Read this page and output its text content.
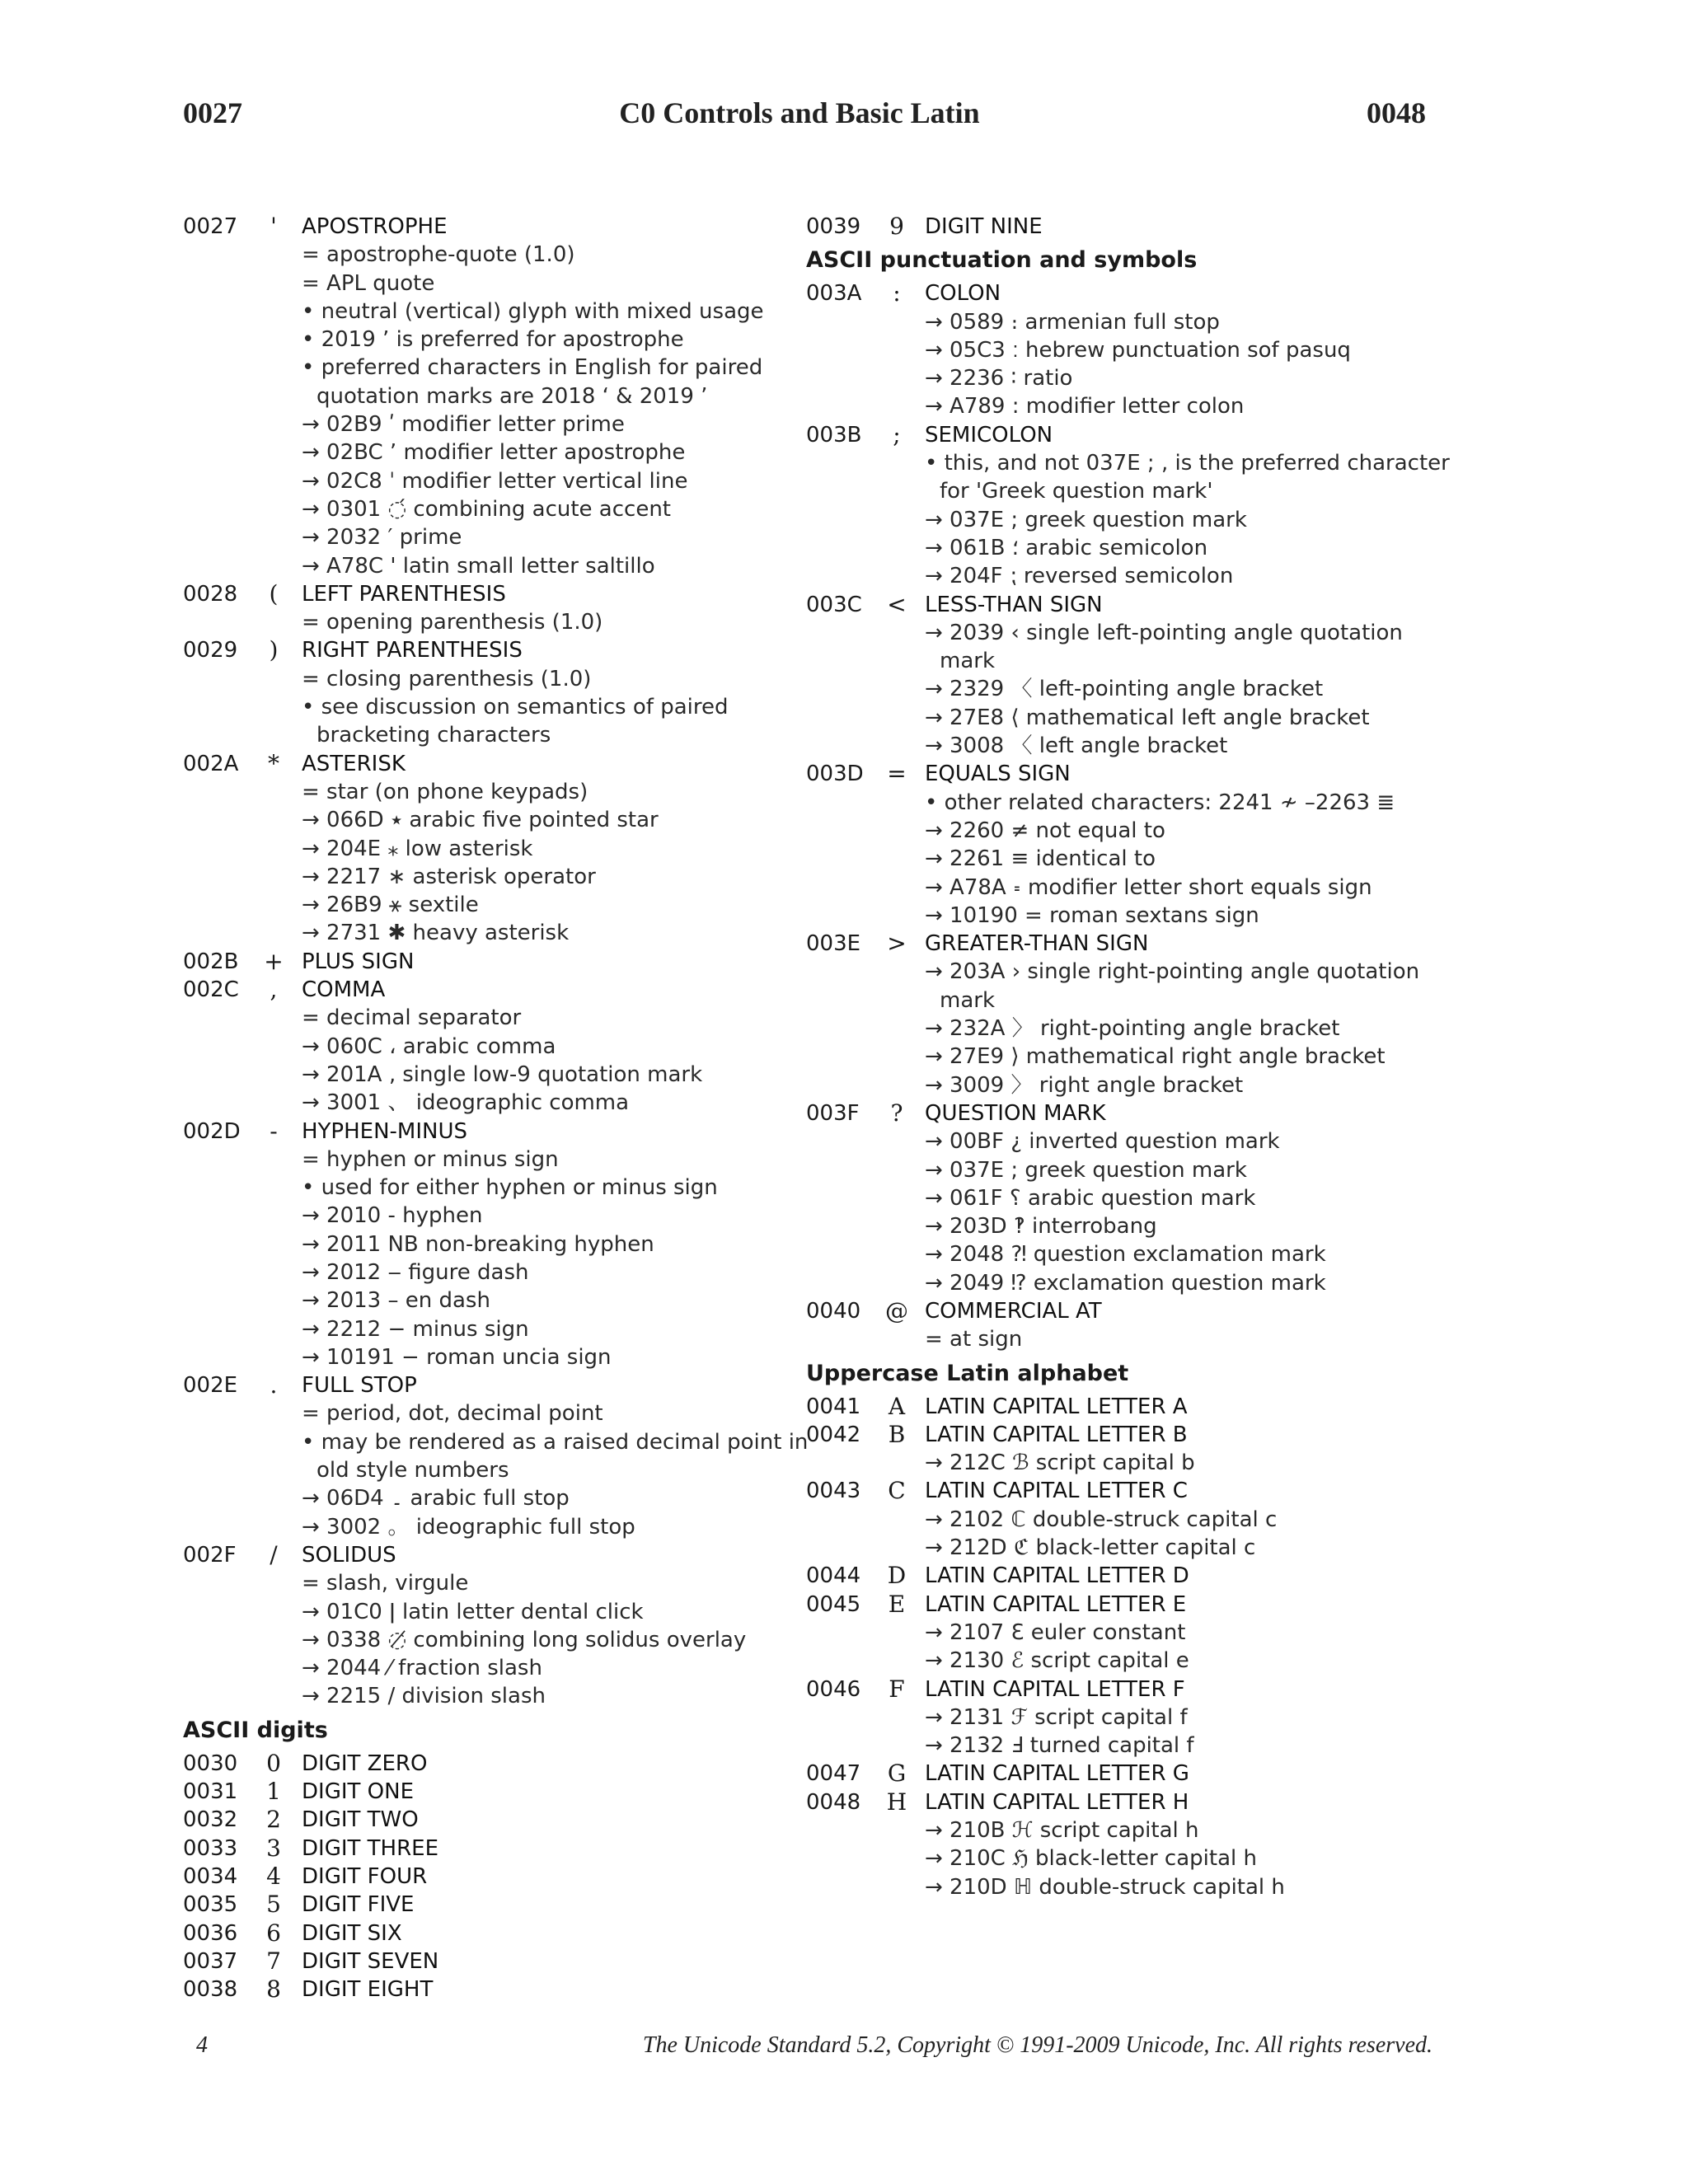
0027	C0 Controls and Basic Latin	0048
0027	'	APOSTROPHE
= apostrophe-quote (1.0)
= APL quote
• neutral (vertical) glyph with mixed usage
• 2019 ’ is preferred for apostrophe
• preferred characters in English for paired
quotation marks are 2018 ‘ & 2019 ’
→ 02B9 ʹ modifier letter prime
→ 02BC ʼ modifier letter apostrophe
→ 02C8 ˈ modifier letter vertical line
→ 0301 ◌́ combining acute accent
→ 2032 ′ prime
→ A78C ꞌ latin small letter saltillo
0028	(	LEFT PARENTHESIS
= opening parenthesis (1.0)
0029	)	RIGHT PARENTHESIS
= closing parenthesis (1.0)
• see discussion on semantics of paired
bracketing characters
002A * ASTERISK
= star (on phone keypads)
→ 066D ٭ arabic five pointed star
→ 204E ⁎ low asterisk
→ 2217 ∗ asterisk operator
→ 26B9 ⚹ sextile
→ 2731 ✱ heavy asterisk
002B + PLUS SIGN
002C	,	COMMA
= decimal separator
→ 060C ، arabic comma
→ 201A ‚ single low-9 quotation mark
→ 3001 、 ideographic comma
002D	-	HYPHEN-MINUS
= hyphen or minus sign
• used for either hyphen or minus sign
→ 2010 ‐ hyphen
→ 2011 NB non-breaking hyphen
→ 2012 ‒ figure dash
→ 2013 – en dash
→ 2212 − minus sign
→ 10191 − roman uncia sign
002E	.	FULL STOP
= period, dot, decimal point
• may be rendered as a raised decimal point in
old style numbers
→ 06D4 ۔ arabic full stop
→ 3002 。 ideographic full stop
002F	/	SOLIDUS
= slash, virgule
→ 01C0 ǀ latin letter dental click
→ 0338 ◌̸ combining long solidus overlay
→ 2044 ⁄ fraction slash
→ 2215 ∕ division slash
ASCII digits
0030 0 DIGIT ZERO
0031 1 DIGIT ONE
0032 2 DIGIT TWO
0033 3 DIGIT THREE
0034 4 DIGIT FOUR
0035 5 DIGIT FIVE
0036 6 DIGIT SIX
0037 7 DIGIT SEVEN
0038 8 DIGIT EIGHT
0039 9 DIGIT NINE
ASCII punctuation and symbols
003A	:	COLON
→ 0589 ։ armenian full stop
→ 05C3 ׃ hebrew punctuation sof pasuq
→ 2236 ∶ ratio
→ A789 ꞉ modifier letter colon
003B	;	SEMICOLON
• this, and not 037E ; , is the preferred character
for 'Greek question mark'
→ 037E ; greek question mark
→ 061B ؛ arabic semicolon
→ 204F ⁏ reversed semicolon
003C < LESS-THAN SIGN
→ 2039 ‹ single left-pointing angle quotation
mark
→ 2329 〈 left-pointing angle bracket
→ 27E8 ⟨ mathematical left angle bracket
→ 3008 〈 left angle bracket
003D = EQUALS SIGN
• other related characters: 2241 ≁ –2263 ≣
→ 2260 ≠ not equal to
→ 2261 ≡ identical to
→ A78A ꞊ modifier letter short equals sign
→ 10190 = roman sextans sign
003E > GREATER-THAN SIGN
→ 203A › single right-pointing angle quotation
mark
→ 232A 〉 right-pointing angle bracket
→ 27E9 ⟩ mathematical right angle bracket
→ 3009 〉 right angle bracket
003F ? QUESTION MARK
→ 00BF ¿ inverted question mark
→ 037E ; greek question mark
→ 061F ؟ arabic question mark
→ 203D ‽ interrobang
→ 2048 ⁈ question exclamation mark
→ 2049 ⁉ exclamation question mark
0040 @ COMMERCIAL AT
= at sign
Uppercase Latin alphabet
0041 A LATIN CAPITAL LETTER A
0042 B LATIN CAPITAL LETTER B
→ 212C ℬ script capital b
0043 C LATIN CAPITAL LETTER C
→ 2102 ℂ double-struck capital c
→ 212D ℭ black-letter capital c
0044 D LATIN CAPITAL LETTER D
0045 E LATIN CAPITAL LETTER E
→ 2107 ℇ euler constant
→ 2130 ℰ script capital e
0046 F LATIN CAPITAL LETTER F
→ 2131 ℱ script capital f
→ 2132 Ⅎ turned capital f
0047 G LATIN CAPITAL LETTER G
0048 H LATIN CAPITAL LETTER H
→ 210B ℋ script capital h
→ 210C ℌ black-letter capital h
→ 210D ℍ double-struck capital h
4	The Unicode Standard 5.2, Copyright © 1991-2009 Unicode, Inc. All rights reserved.
